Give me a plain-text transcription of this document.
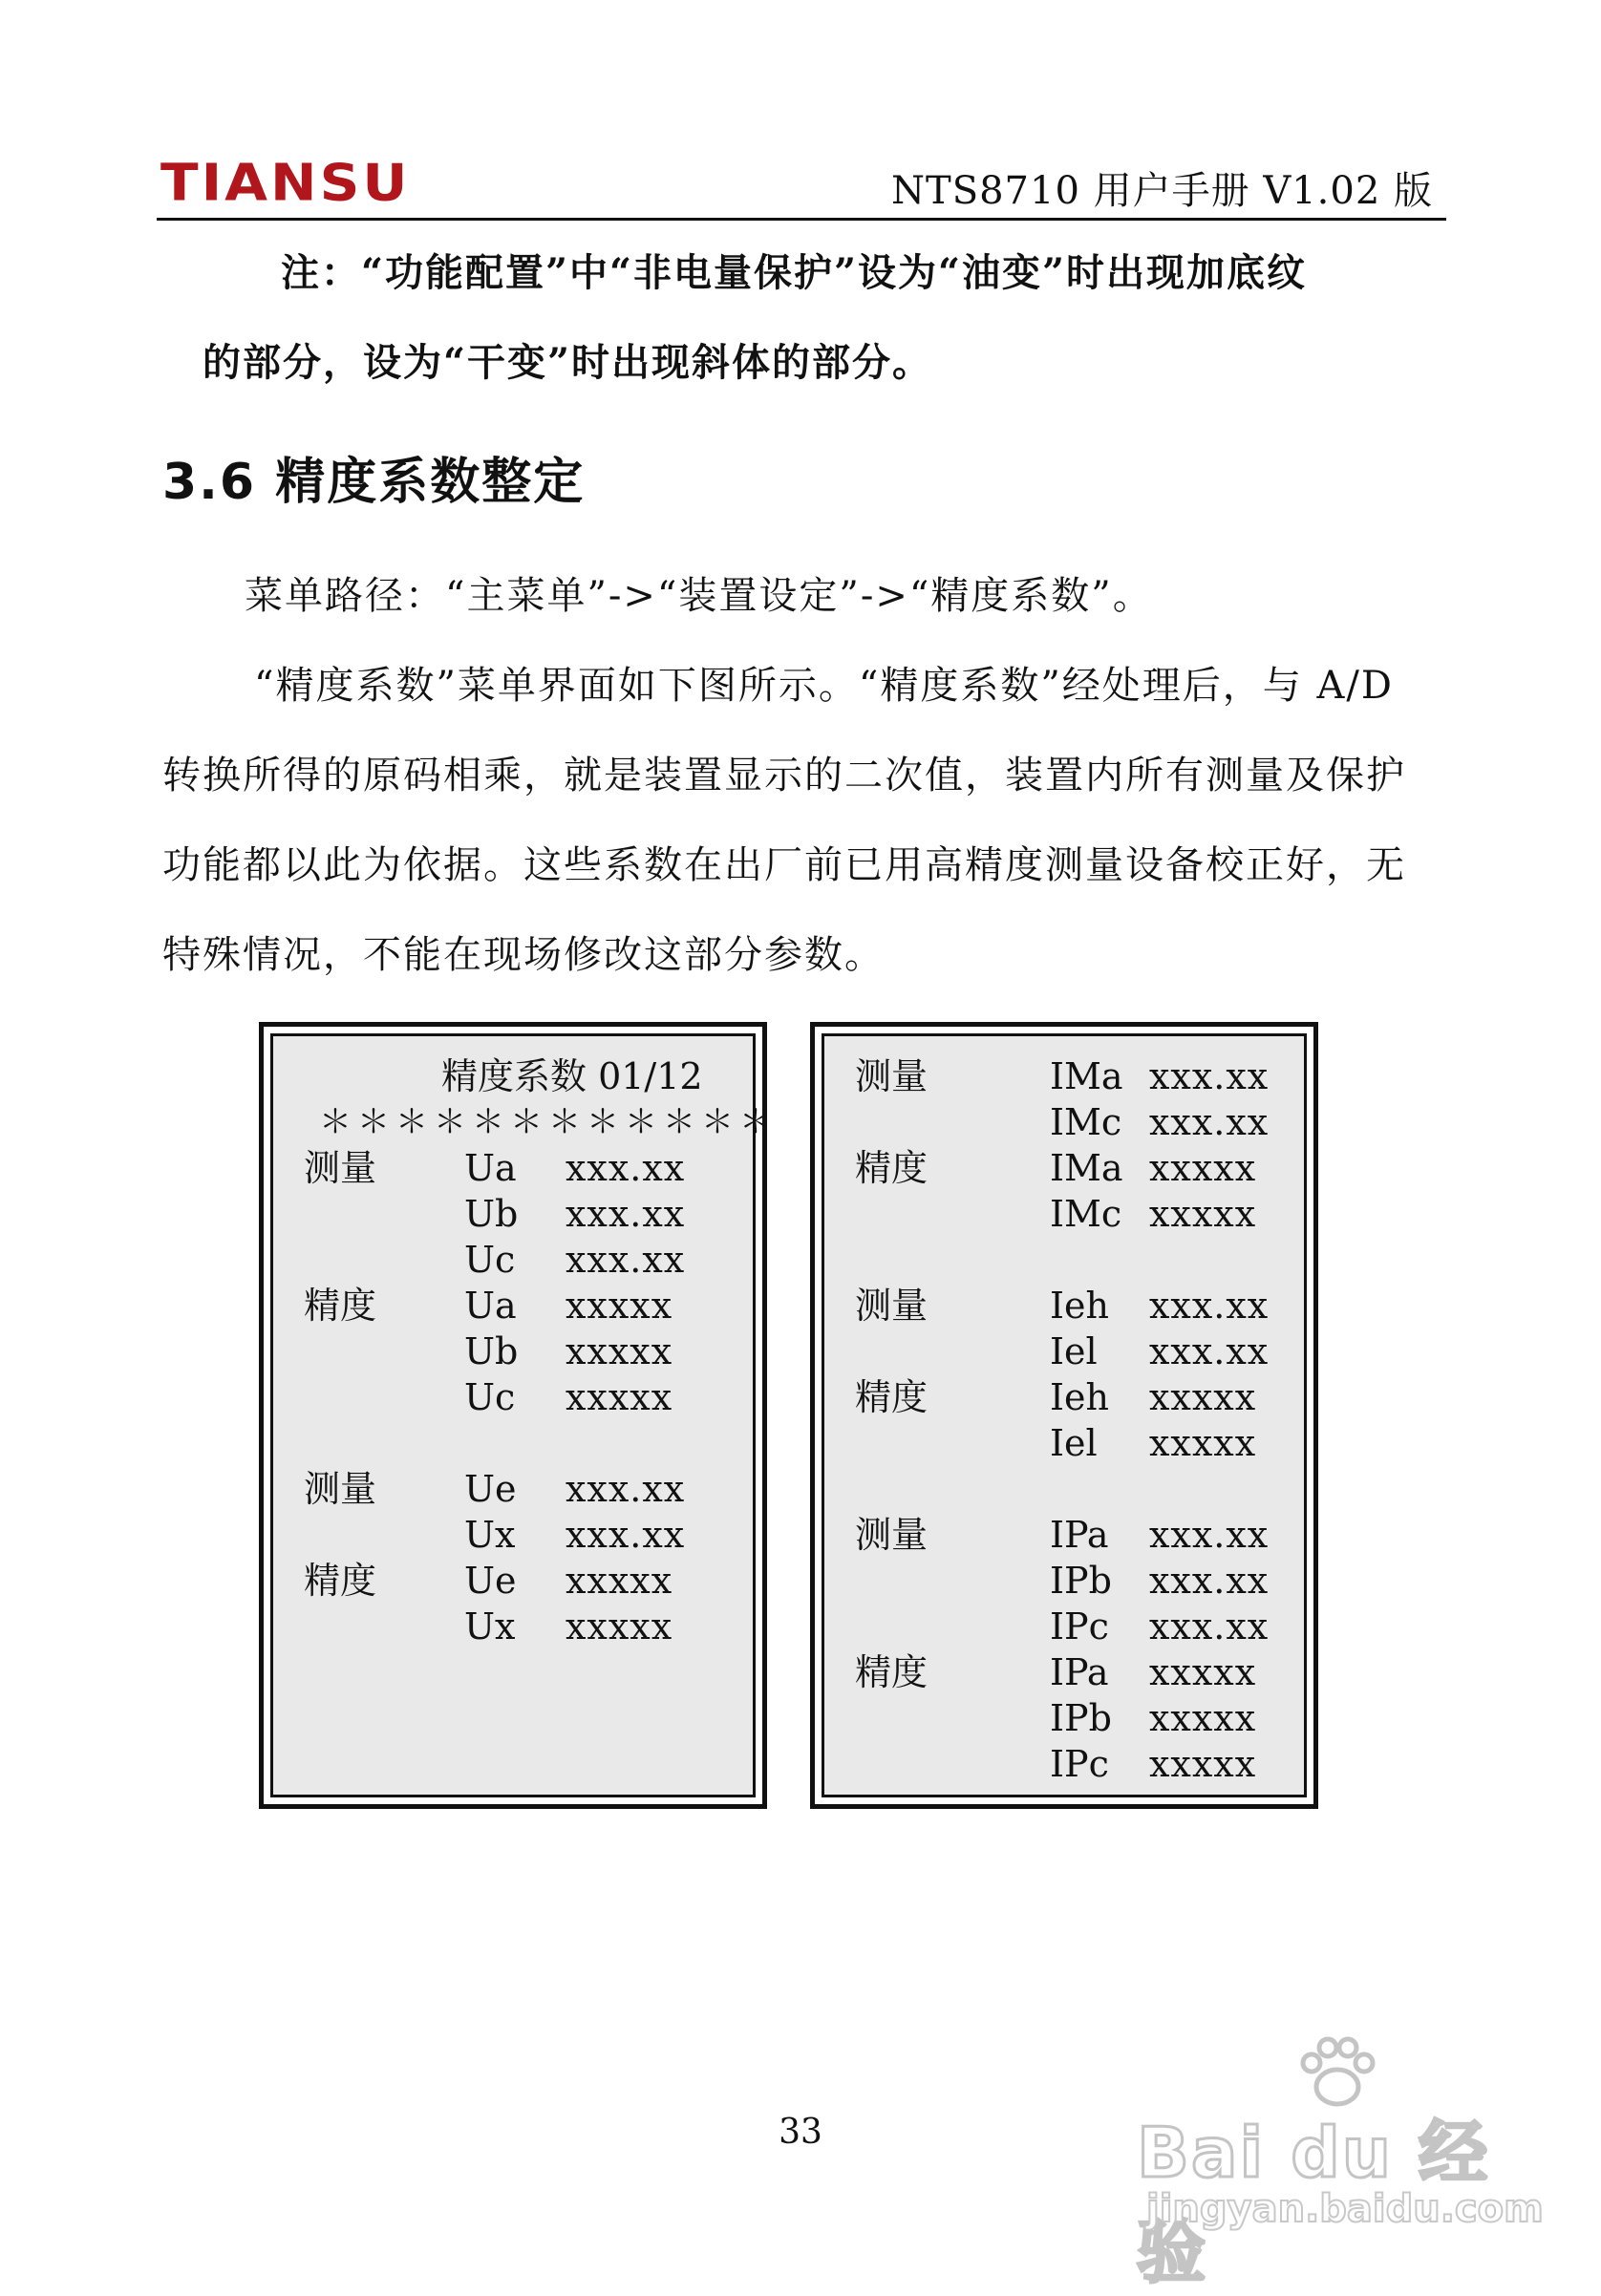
TIANSU	NTS8710 用户手册 V1.02 版
注：“功能配置”中“非电量保护”设为“油变”时出现加底纹
的部分，设为“干变”时出现斜体的部分。
3.6 精度系数整定
菜单路径：“主菜单”->“装置设定”->“精度系数”。
“精度系数”菜单界面如下图所示。“精度系数”经处理后，与 A/D
转换所得的原码相乘，就是装置显示的二次值，装置内所有测量及保护
功能都以此为依据。这些系数在出厂前已用高精度测量设备校正好，无
特殊情况，不能在现场修改这部分参数。
精度系数 01/12
＊＊＊＊＊＊＊＊＊＊＊＊
测量 Ua xxx.xx
Ub xxx.xx
Uc xxx.xx
精度 Ua xxxxx
Ub xxxxx
Uc xxxxx
测量 Ue xxx.xx
Ux xxx.xx
精度 Ue xxxxx
Ux xxxxx
测量	IMa xxx.xx
IMc xxx.xx
精度	IMa xxxxx
IMc xxxxx
测量	Ieh xxx.xx
Iel xxx.xx
精度	Ieh xxxxx
Iel xxxxx
测量	IPa xxx.xx
IPb xxx.xx
IPc xxx.xx
精度	IPa xxxxx
IPb xxxxx
IPc xxxxx
33	Bai du 经验
jingyan.baidu.com
